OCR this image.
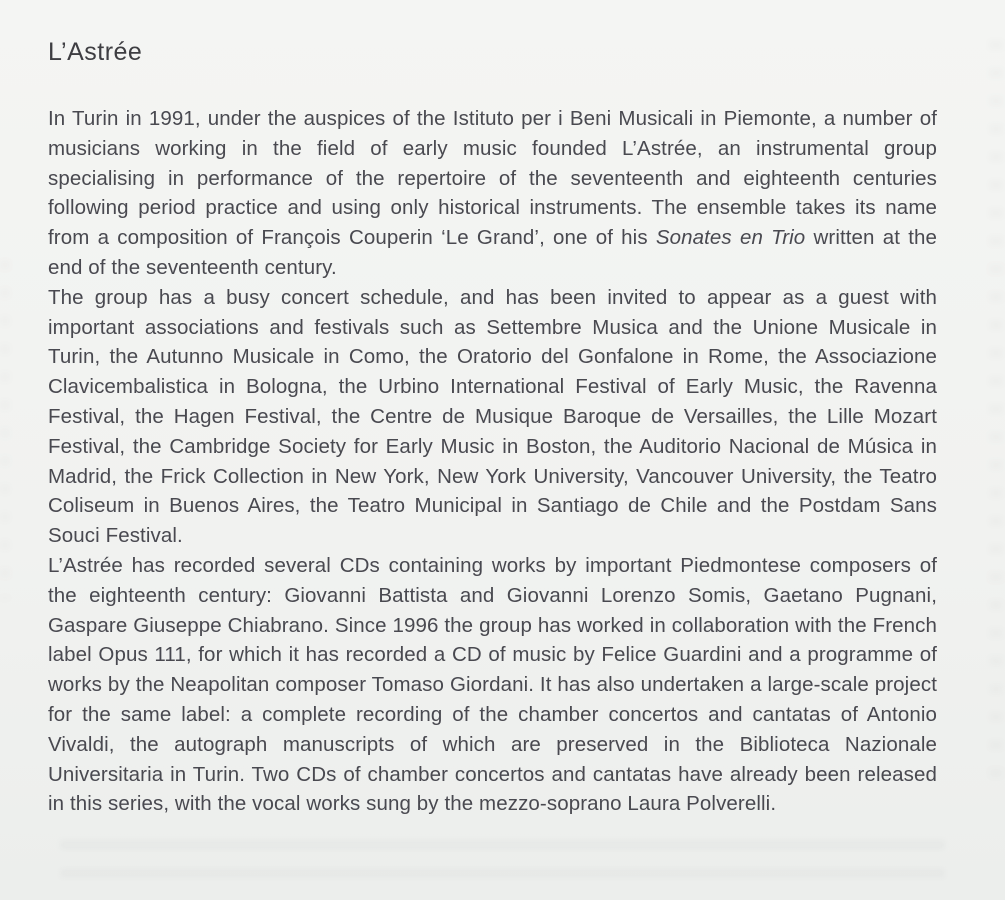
L’Astrée

In Turin in 1991, under the auspices of the Istituto per i Beni Musicali in Piemonte, a number of musicians working in the field of early music founded L’Astrée, an instrumental group specialising in performance of the repertoire of the seventeenth and eighteenth centuries following period practice and using only historical instruments. The ensemble takes its name from a composition of François Couperin ‘Le Grand’, one of his Sonates en Trio written at the end of the seventeenth century.

The group has a busy concert schedule, and has been invited to appear as a guest with important associations and festivals such as Settembre Musica and the Unione Musicale in Turin, the Autunno Musicale in Como, the Oratorio del Gonfalone in Rome, the Associazione Clavicembalistica in Bologna, the Urbino International Festival of Early Music, the Ravenna Festival, the Hagen Festival, the Centre de Musique Baroque de Versailles, the Lille Mozart Festival, the Cambridge Society for Early Music in Boston, the Auditorio Nacional de Música in Madrid, the Frick Collection in New York, New York University, Vancouver University, the Teatro Coliseum in Buenos Aires, the Teatro Municipal in Santiago de Chile and the Postdam Sans Souci Festival.

L’Astrée has recorded several CDs containing works by important Piedmontese composers of the eighteenth century: Giovanni Battista and Giovanni Lorenzo Somis, Gaetano Pugnani, Gaspare Giuseppe Chiabrano. Since 1996 the group has worked in collaboration with the French label Opus 111, for which it has recorded a CD of music by Felice Guardini and a programme of works by the Neapolitan composer Tomaso Giordani. It has also undertaken a large-scale project for the same label: a complete recording of the chamber concertos and cantatas of Antonio Vivaldi, the autograph manuscripts of which are preserved in the Biblioteca Nazionale Universitaria in Turin. Two CDs of chamber concertos and cantatas have already been released in this series, with the vocal works sung by the mezzo-soprano Laura Polverelli.
